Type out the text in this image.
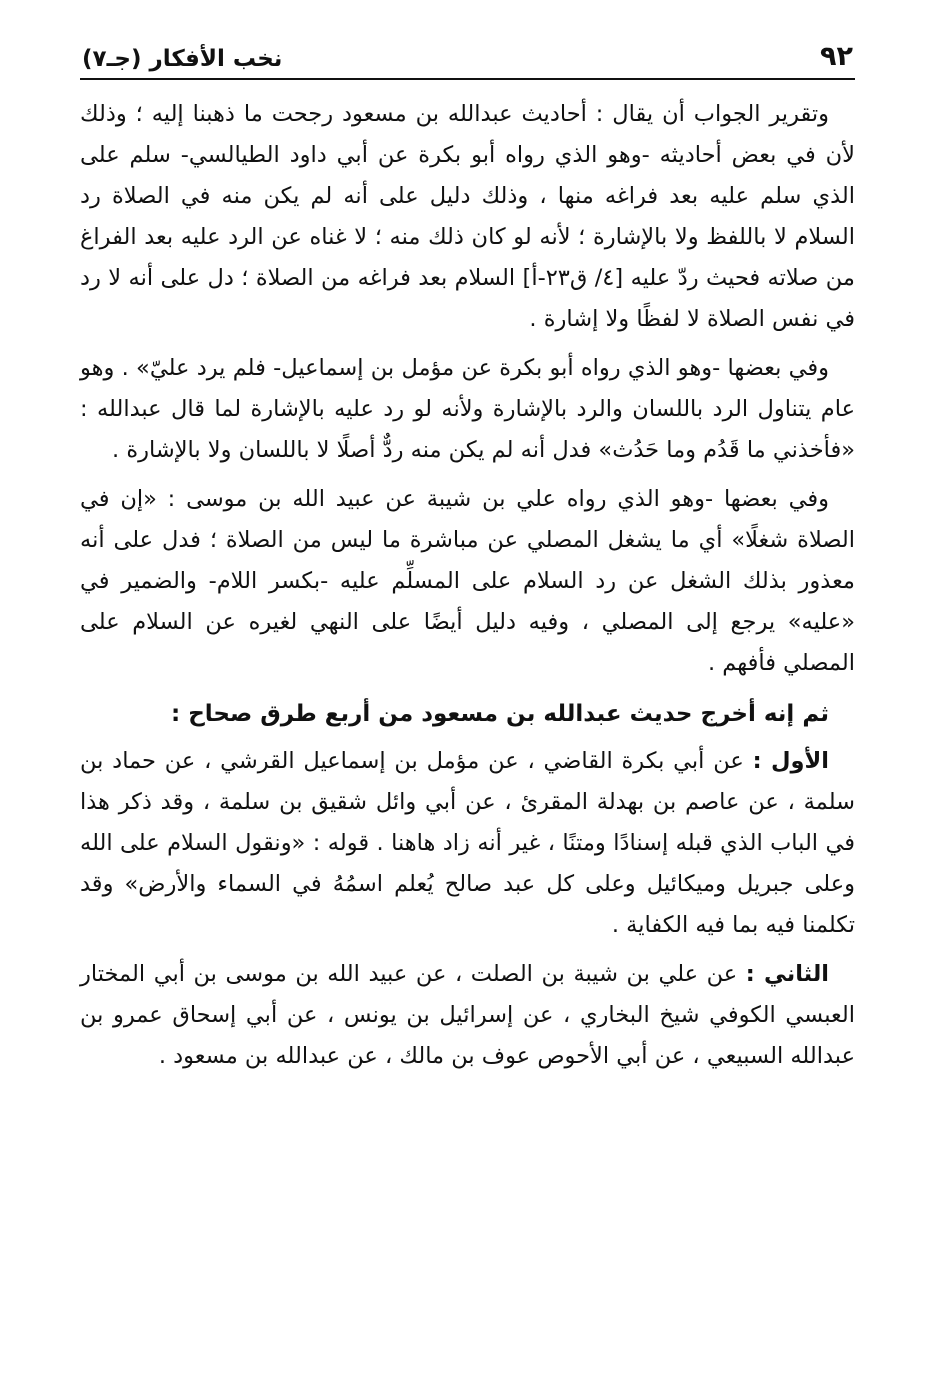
٩٢
نخب الأفكار (جـ٧)

وتقرير الجواب أن يقال : أحاديث عبدالله بن مسعود رجحت ما ذهبنا إليه ؛ وذلك لأن في بعض أحاديثه -وهو الذي رواه أبو بكرة عن أبي داود الطيالسي- سلم على الذي سلم عليه بعد فراغه منها ، وذلك دليل على أنه لم يكن منه في الصلاة رد السلام لا باللفظ ولا بالإشارة ؛ لأنه لو كان ذلك منه ؛ لا غناه عن الرد عليه بعد الفراغ من صلاته فحيث ردّ عليه [٤/ ق٢٣-أ] السلام بعد فراغه من الصلاة ؛ دل على أنه لا رد في نفس الصلاة لا لفظًا ولا إشارة .

وفي بعضها -وهو الذي رواه أبو بكرة عن مؤمل بن إسماعيل- فلم يرد عليّ» . وهو عام يتناول الرد باللسان والرد بالإشارة ولأنه لو رد عليه بالإشارة لما قال عبدالله : «فأخذني ما قَدُم وما حَدُث» فدل أنه لم يكن منه ردٌّ أصلًا لا باللسان ولا بالإشارة .

وفي بعضها -وهو الذي رواه علي بن شيبة عن عبيد الله بن موسى : «إن في الصلاة شغلًا» أي ما يشغل المصلي عن مباشرة ما ليس من الصلاة ؛ فدل على أنه معذور بذلك الشغل عن رد السلام على المسلِّم عليه -بكسر اللام- والضمير في «عليه» يرجع إلى المصلي ، وفيه دليل أيضًا على النهي لغيره عن السلام على المصلي فأفهم .

ثم إنه أخرج حديث عبدالله بن مسعود من أربع طرق صحاح :

الأول : عن أبي بكرة القاضي ، عن مؤمل بن إسماعيل القرشي ، عن حماد بن سلمة ، عن عاصم بن بهدلة المقرئ ، عن أبي وائل شقيق بن سلمة ، وقد ذكر هذا في الباب الذي قبله إسنادًا ومتنًا ، غير أنه زاد هاهنا . قوله : «ونقول السلام على الله وعلى جبريل وميكائيل وعلى كل عبد صالح يُعلم اسمُهُ في السماء والأرض» وقد تكلمنا فيه بما فيه الكفاية .

الثاني : عن علي بن شيبة بن الصلت ، عن عبيد الله بن موسى بن أبي المختار العبسي الكوفي شيخ البخاري ، عن إسرائيل بن يونس ، عن أبي إسحاق عمرو بن عبدالله السبيعي ، عن أبي الأحوص عوف بن مالك ، عن عبدالله بن مسعود .
